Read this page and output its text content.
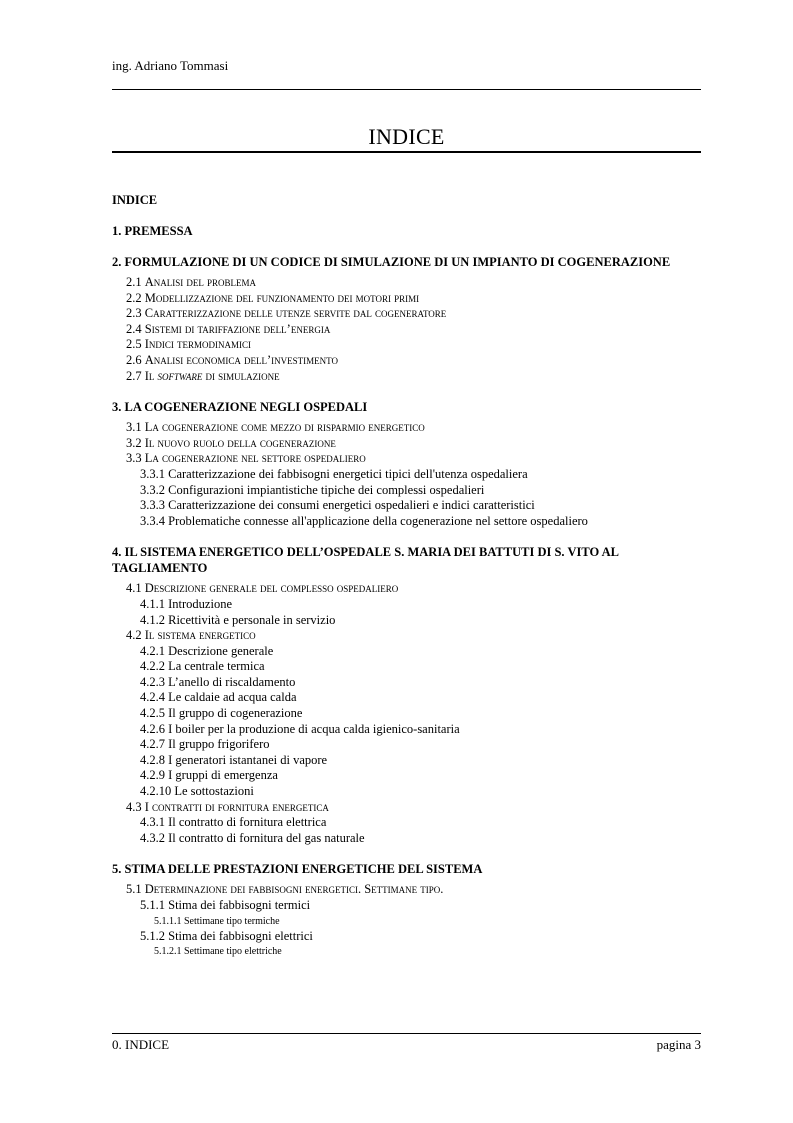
ing. Adriano Tommasi
INDICE
INDICE
1. PREMESSA
2. FORMULAZIONE DI UN CODICE DI SIMULAZIONE DI UN IMPIANTO DI COGENERAZIONE
2.1 Analisi del problema
2.2 Modellizzazione del funzionamento dei motori primi
2.3 Caratterizzazione delle utenze servite dal cogeneratore
2.4 Sistemi di tariffazione dell’energia
2.5 Indici termodinamici
2.6 Analisi economica dell’investimento
2.7 Il software di simulazione
3. LA COGENERAZIONE NEGLI OSPEDALI
3.1 La cogenerazione come mezzo di risparmio energetico
3.2 Il nuovo ruolo della cogenerazione
3.3 La cogenerazione nel settore ospedaliero
3.3.1 Caratterizzazione dei fabbisogni energetici tipici dell'utenza ospedaliera
3.3.2 Configurazioni impiantistiche tipiche dei complessi ospedalieri
3.3.3 Caratterizzazione dei consumi energetici ospedalieri e indici caratteristici
3.3.4 Problematiche connesse all'applicazione della cogenerazione nel settore ospedaliero
4. IL SISTEMA ENERGETICO DELL’OSPEDALE S. MARIA DEI BATTUTI DI S. VITO AL TAGLIAMENTO
4.1 Descrizione generale del complesso ospedaliero
4.1.1 Introduzione
4.1.2 Ricettività e personale in servizio
4.2 Il sistema energetico
4.2.1 Descrizione generale
4.2.2 La centrale termica
4.2.3 L’anello di riscaldamento
4.2.4 Le caldaie ad acqua calda
4.2.5 Il gruppo di cogenerazione
4.2.6 I boiler per la produzione di acqua calda igienico-sanitaria
4.2.7 Il gruppo frigorifero
4.2.8 I generatori istantanei di vapore
4.2.9 I gruppi di emergenza
4.2.10 Le sottostazioni
4.3 I contratti di fornitura energetica
4.3.1 Il contratto di fornitura elettrica
4.3.2 Il contratto di fornitura del gas naturale
5. STIMA DELLE PRESTAZIONI ENERGETICHE DEL SISTEMA
5.1 Determinazione dei fabbisogni energetici. Settimane tipo.
5.1.1 Stima dei fabbisogni termici
5.1.1.1 Settimane tipo termiche
5.1.2 Stima dei fabbisogni elettrici
5.1.2.1 Settimane tipo elettriche
0. INDICE	pagina 3
